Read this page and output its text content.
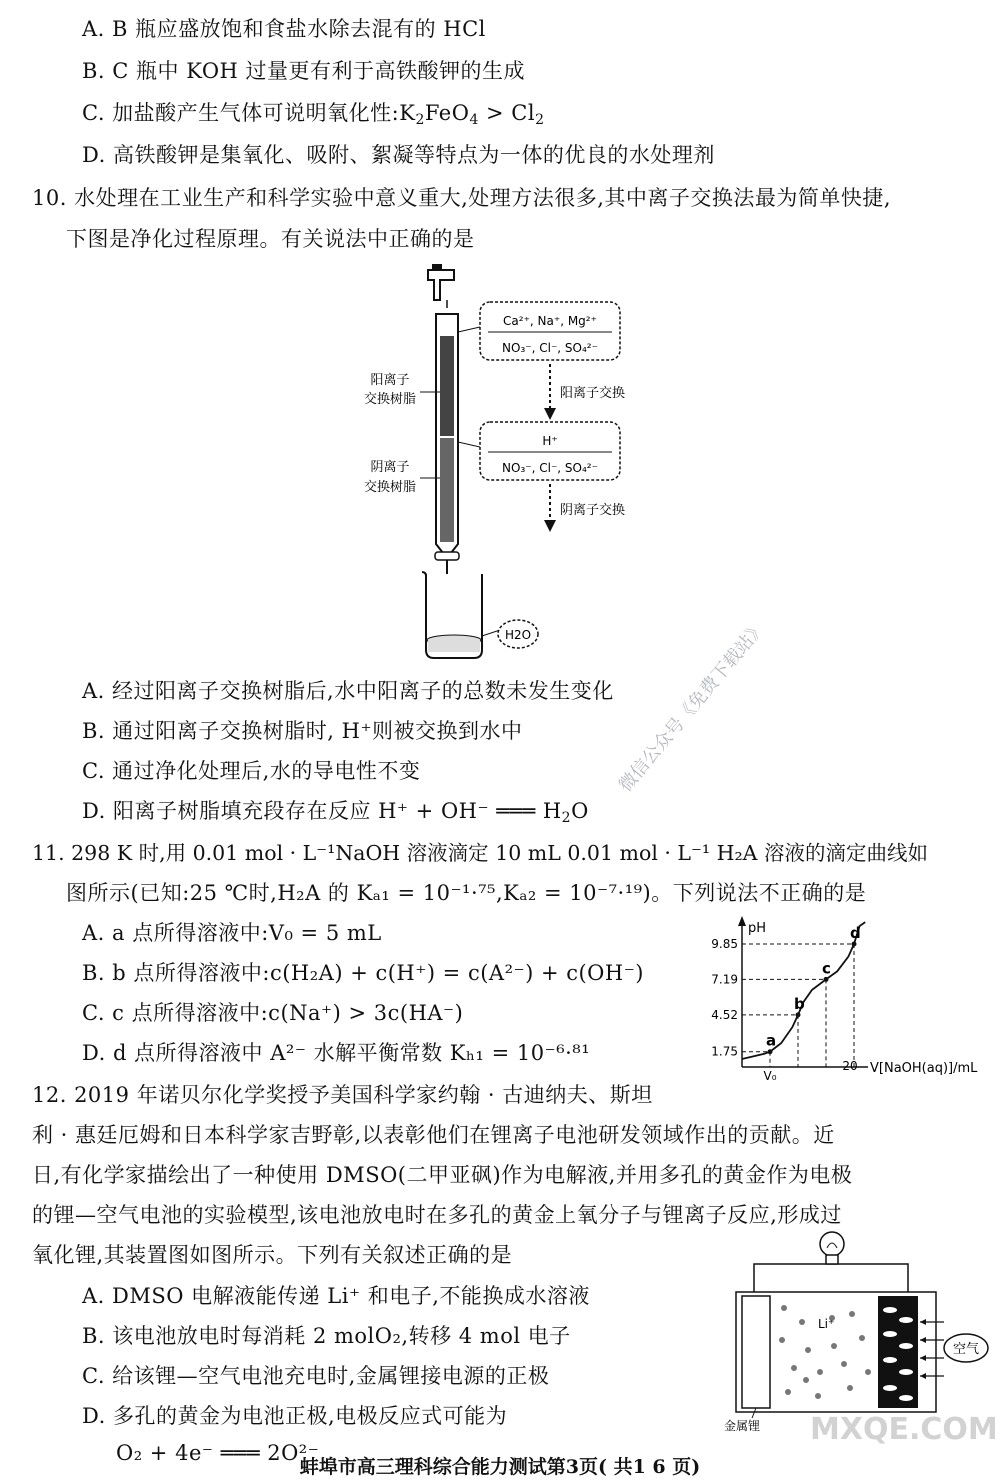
A. B 瓶应盛放饱和食盐水除去混有的 HCl
B. C 瓶中 KOH 过量更有利于高铁酸钾的生成
C. 加盐酸产生气体可说明氧化性$:K_2FeO_4 > Cl_2$
D. 高铁酸钾是集氧化、吸附、絮凝等特点为一体的优良的水处理剂
10. 水处理在工业生产和科学实验中意义重大,处理方法很多,其中离子交换法最为简单快捷,
下图是净化过程原理。有关说法中正确的是
阳离子
交换树脂
阴离子
交换树脂
Ca²⁺, Na⁺, Mg²⁺
NO₃⁻, Cl⁻, SO₄²⁻
阳离子交换
H⁺
NO₃⁻, Cl⁻, SO₄²⁻
阴离子交换
H2O
A. 经过阳离子交换树脂后,水中阳离子的总数未发生变化
B. 通过阳离子交换树脂时, H⁺则被交换到水中
C. 通过净化处理后,水的导电性不变
D. 阳离子树脂填充段存在反应 H⁺ + OH⁻ ═══ $H_2O$
11. 298 K 时,用 0.01 mol · L⁻¹NaOH 溶液滴定 10 mL 0.01 mol · L⁻¹ H₂A 溶液的滴定曲线如
图所示(已知:25 ℃时,H₂A 的 Kₐ₁ = 10⁻¹·⁷⁵,Kₐ₂ = 10⁻⁷·¹⁹)。下列说法不正确的是
A. a 点所得溶液中:V₀ = 5 mL
B. b 点所得溶液中:c(H₂A) + c(H⁺) = c(A²⁻) + c(OH⁻)
C. c 点所得溶液中:c(Na⁺) > 3c(HA⁻)
D. d 点所得溶液中 A²⁻ 水解平衡常数 Kₕ₁ = 10⁻⁶·⁸¹
pH
V[NaOH(aq)]/mL
9.85
7.19
4.52
1.75
V₀
20
a
b
c
d
12. 2019 年诺贝尔化学奖授予美国科学家约翰 · 古迪纳夫、斯坦
利 · 惠廷厄姆和日本科学家吉野彰,以表彰他们在锂离子电池研发领域作出的贡献。近
日,有化学家描绘出了一种使用 DMSO(二甲亚砜)作为电解液,并用多孔的黄金作为电极
的锂—空气电池的实验模型,该电池放电时在多孔的黄金上氧分子与锂离子反应,形成过
氧化锂,其装置图如图所示。下列有关叙述正确的是
A. DMSO 电解液能传递 Li⁺ 和电子,不能换成水溶液
B. 该电池放电时每消耗 2 molO₂,转移 4 mol 电子
C. 给该锂—空气电池充电时,金属锂接电源的正极
D. 多孔的黄金为电池正极,电极反应式可能为
O₂ + 4e⁻ ═══ 2O²⁻
Li⁺
空气
金属锂
微信公众号《免费下载站》
MXQE.COM
蚌埠市高三理科综合能力测试第3页( 共1 6 页)
